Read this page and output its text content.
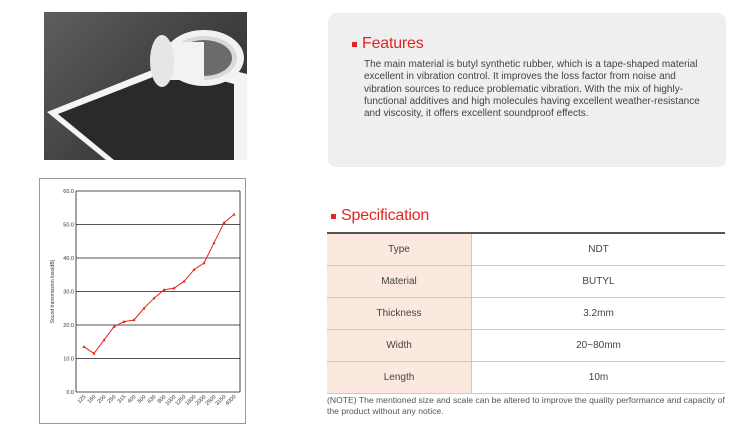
Features

The main material is butyl synthetic rubber, which is a tape-shaped material excellent in vibration control. It improves the loss factor from noise and vibration sources to reduce problematic vibration. With the mix of highly-functional additives and high molecules having excellent weather-resistance and viscosity, it offers excellent soundproof effects.

0.0
10.0
20.0
30.0
40.0
50.0
60.0
Sound transmission loss(dB)
125 160 200 250 315 400 500 630 800
1000
1250
1600
2000
2500
3150
4000
Specification
Type	NDT
Material	BUTYL
Thickness	3.2mm
Width	20~80mm
Length	10m
(NOTE) The mentioned size and scale can be altered to improve the quality performance and capacity of the product without any notice.
